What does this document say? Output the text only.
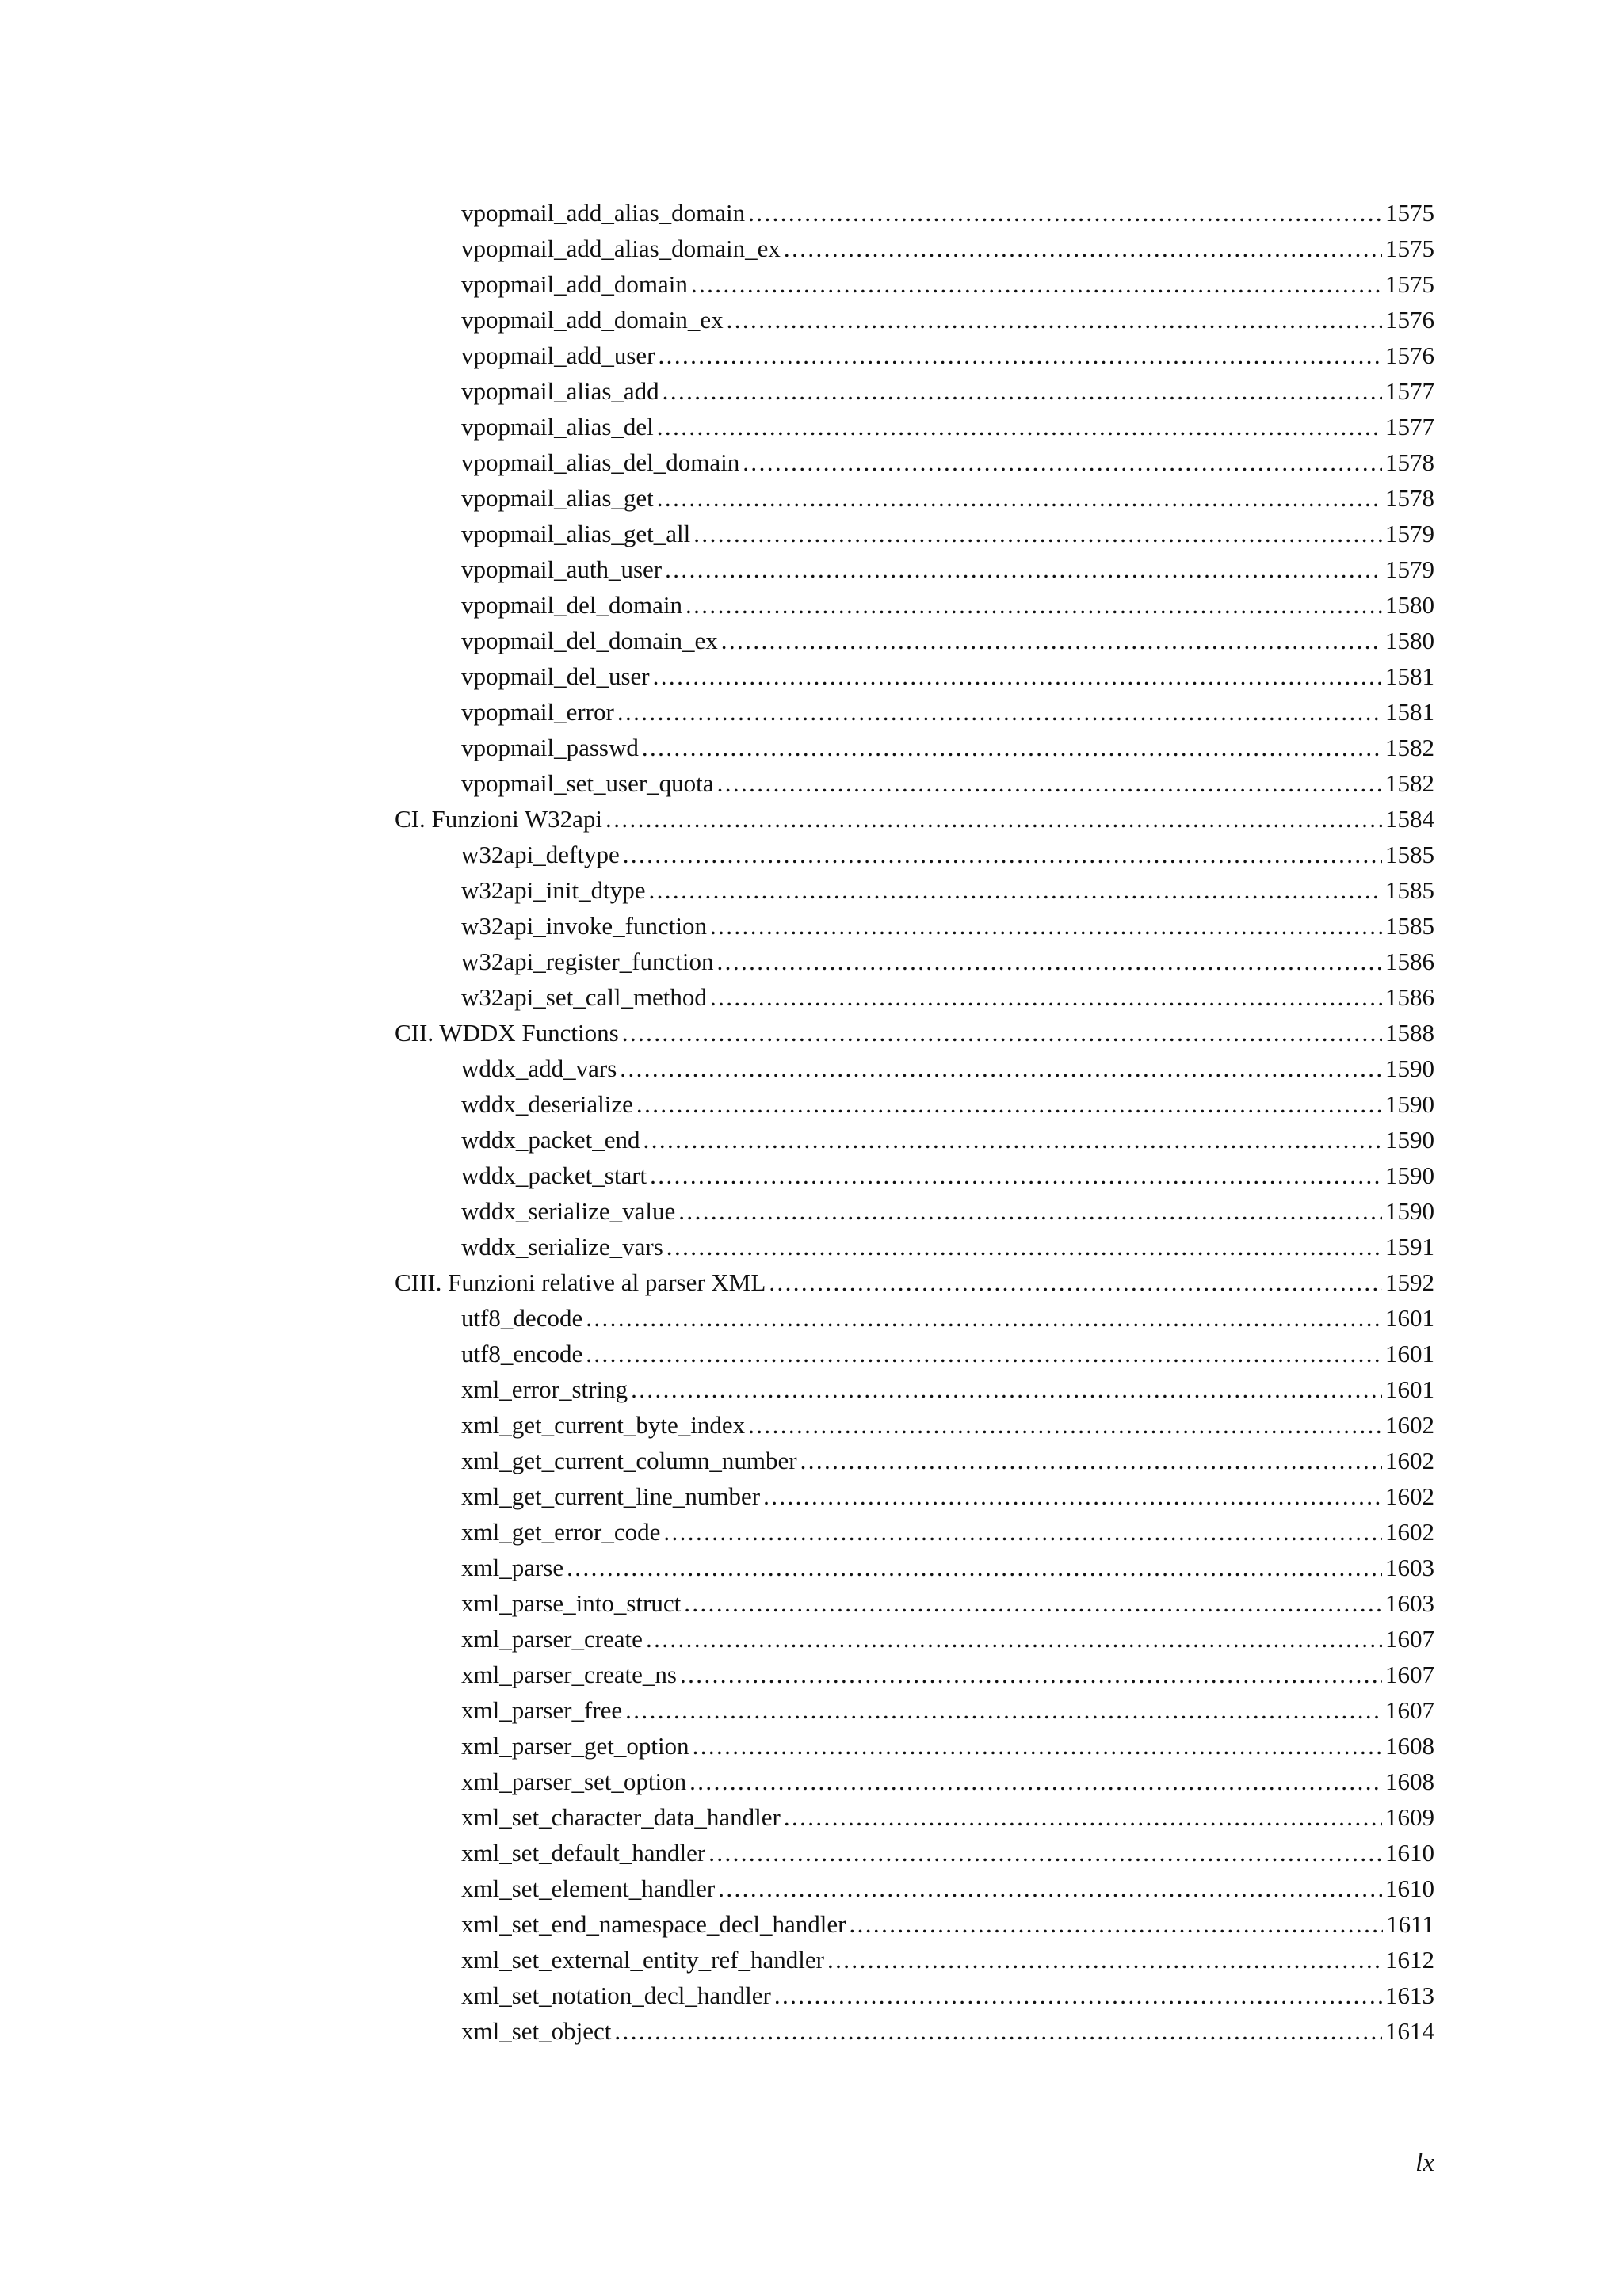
vpopmail_add_alias_domain .....	1575
vpopmail_add_alias_domain_ex .....	1575
vpopmail_add_domain .....	1575
vpopmail_add_domain_ex .....	1576
vpopmail_add_user .....	1576
vpopmail_alias_add .....	1577
vpopmail_alias_del .....	1577
vpopmail_alias_del_domain .....	1578
vpopmail_alias_get .....	1578
vpopmail_alias_get_all .....	1579
vpopmail_auth_user .....	1579
vpopmail_del_domain .....	1580
vpopmail_del_domain_ex .....	1580
vpopmail_del_user .....	1581
vpopmail_error .....	1581
vpopmail_passwd .....	1582
vpopmail_set_user_quota .....	1582
CI. Funzioni W32api .....	1584
w32api_deftype .....	1585
w32api_init_dtype .....	1585
w32api_invoke_function .....	1585
w32api_register_function .....	1586
w32api_set_call_method .....	1586
CII. WDDX Functions .....	1588
wddx_add_vars .....	1590
wddx_deserialize .....	1590
wddx_packet_end .....	1590
wddx_packet_start .....	1590
wddx_serialize_value .....	1590
wddx_serialize_vars .....	1591
CIII. Funzioni relative al parser XML .....	1592
utf8_decode .....	1601
utf8_encode .....	1601
xml_error_string .....	1601
xml_get_current_byte_index .....	1602
xml_get_current_column_number .....	1602
xml_get_current_line_number .....	1602
xml_get_error_code .....	1602
xml_parse .....	1603
xml_parse_into_struct .....	1603
xml_parser_create .....	1607
xml_parser_create_ns .....	1607
xml_parser_free .....	1607
xml_parser_get_option .....	1608
xml_parser_set_option .....	1608
xml_set_character_data_handler .....	1609
xml_set_default_handler .....	1610
xml_set_element_handler .....	1610
xml_set_end_namespace_decl_handler .....	1611
xml_set_external_entity_ref_handler .....	1612
xml_set_notation_decl_handler .....	1613
xml_set_object .....	1614
lx
